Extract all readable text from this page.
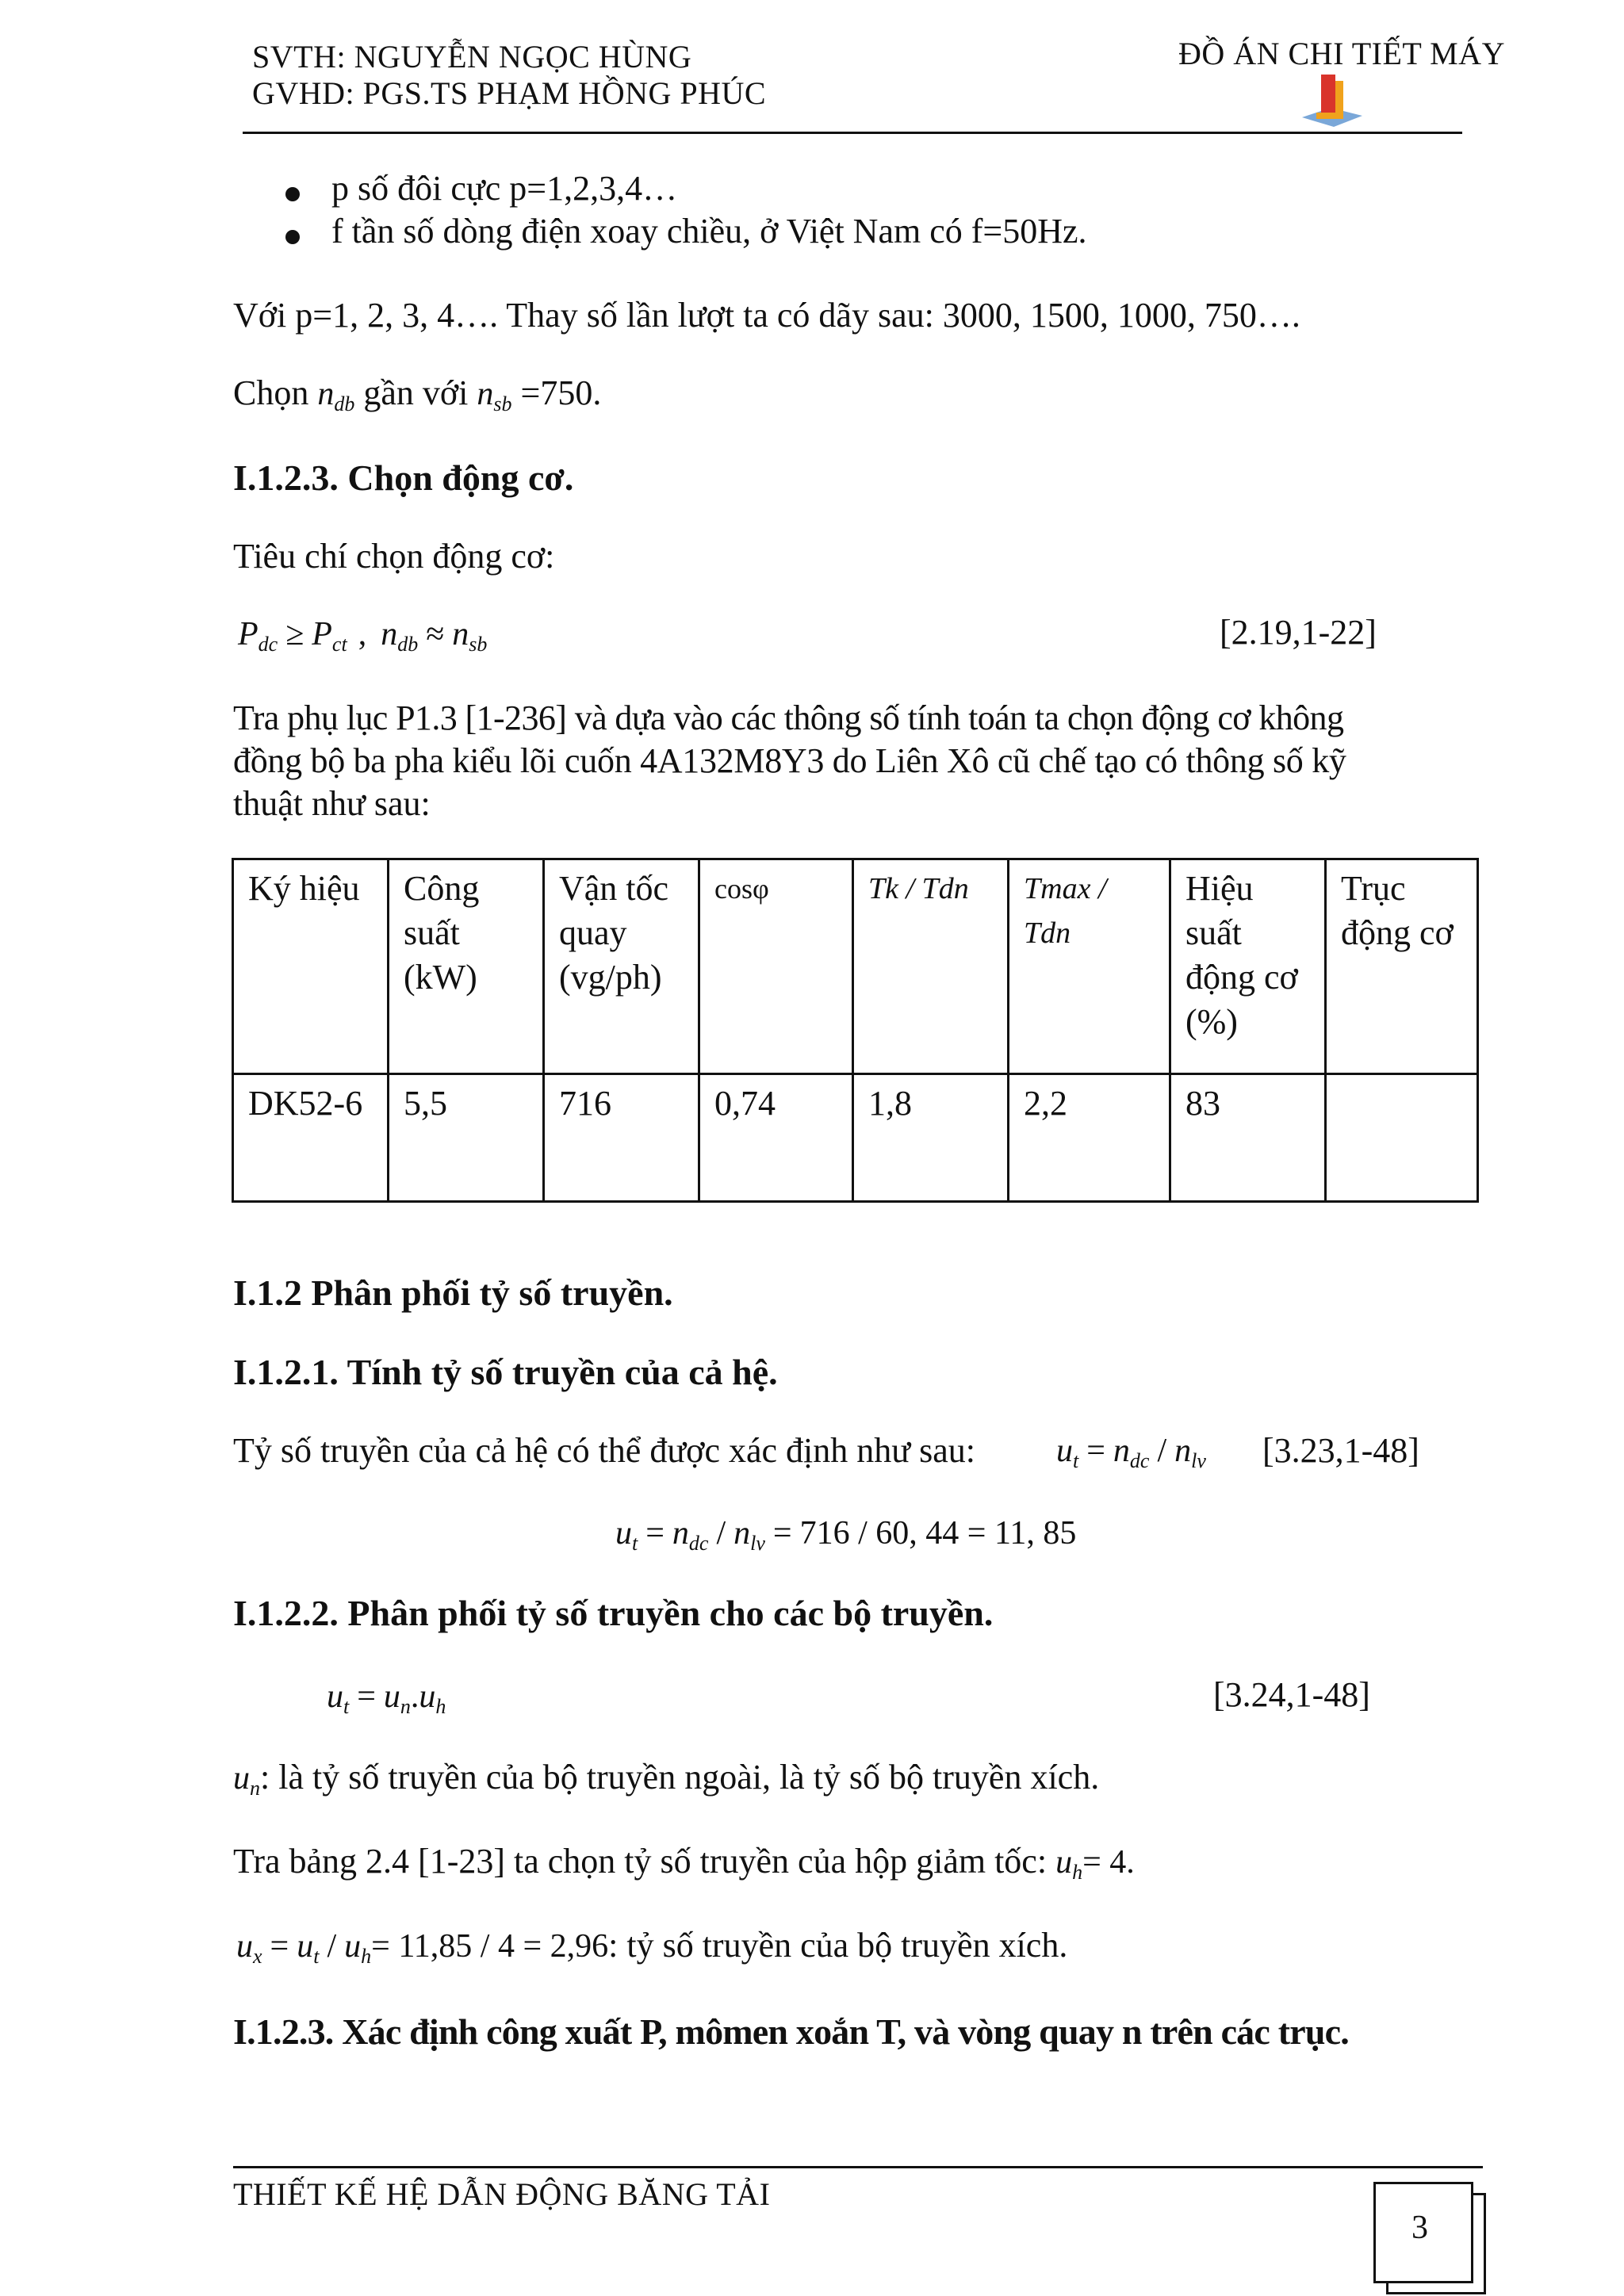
SVTH: NGUYỄN NGỌC HÙNG
GVHD: PGS.TS PHẠM HỒNG PHÚC
ĐỒ ÁN CHI TIẾT MÁY
p số đôi cực p=1,2,3,4…
f tần số dòng điện xoay chiều, ở Việt Nam có f=50Hz.
Với p=1, 2, 3, 4…. Thay số lần lượt ta có dãy sau: 3000, 1500, 1000, 750….
Chọn $n_{db}$ gần với $n_{sb} =750$.
I.1.2.3. Chọn động cơ.
Tiêu chí chọn động cơ:
$P_{dc} \ge P_{ct}$ , $n_{db} \approx n_{sb}$	[2.19,1-22]
Tra phụ lục P1.3 [1-236] và dựa vào các thông số tính toán ta chọn động cơ không
đồng bộ ba pha kiểu lõi cuốn 4A132M8Y3 do Liên Xô cũ chế tạo có thông số kỹ
thuật như sau:
Ký hiệu	Công suất (kW)	Vận tốc quay (vg/ph)	cosφ	Tk / Tdn	Tmax / Tdn	Hiệu suất động cơ (%)	Trục động cơ
DK52-6	5,5	716	0,74	1,8	2,2	83	
I.1.2 Phân phối tỷ số truyền.
I.1.2.1. Tính tỷ số truyền của cả hệ.
Tỷ số truyền của cả hệ có thể được xác định như sau: $u_t = n_{dc} / n_{lv}$ [3.23,1-48]
$u_t = n_{dc} / n_{lv} = 716 / 60$, 44 = 11, 85
I.1.2.2. Phân phối tỷ số truyền cho các bộ truyền.
$u_t = u_n.u_h$	[3.24,1-48]
$u_n$: là tỷ số truyền của bộ truyền ngoài, là tỷ số bộ truyền xích.
Tra bảng 2.4 [1-23] ta chọn tỷ số truyền của hộp giảm tốc: $u_h= 4$.
$u_x = u_t / u_h= 11,85 / 4 = 2,96$: tỷ số truyền của bộ truyền xích.
I.1.2.3. Xác định công xuất P, mômen xoắn T, và vòng quay n trên các trục.
THIẾT KẾ HỆ DẪN ĐỘNG BĂNG TẢI
3
